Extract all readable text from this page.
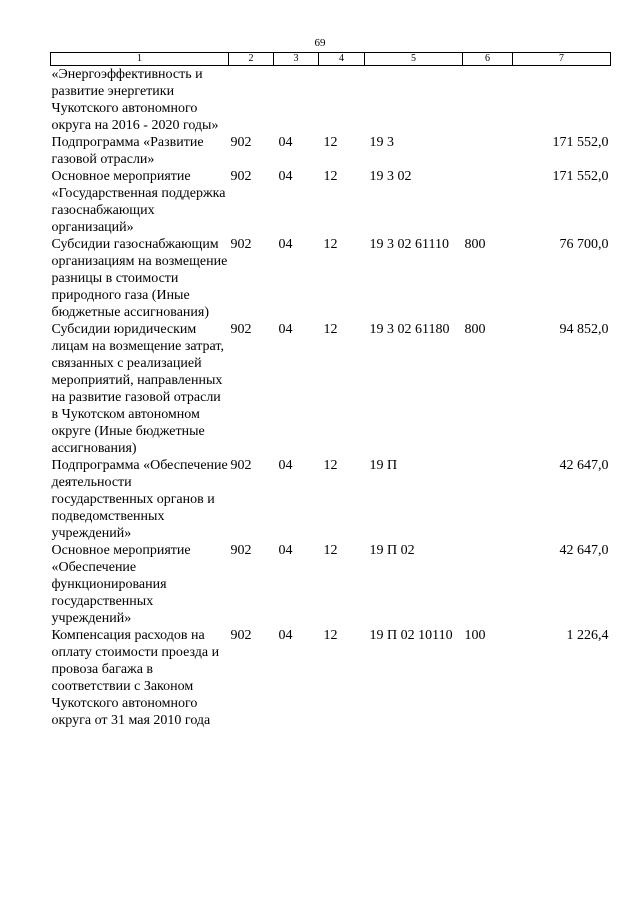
69
1	2	3	4	5	6	7
«Энергоэффективность и развитие энергетики Чукотского автономного округа на 2016 - 2020 годы»						
Подпрограмма «Развитие газовой отрасли»	902	04	12	19 3		171 552,0
Основное мероприятие «Государственная поддержка газоснабжающих организаций»	902	04	12	19 3 02		171 552,0
Субсидии газоснабжающим организациям на возмещение разницы в стоимости природного газа (Иные бюджетные ассигнования)	902	04	12	19 3 02 61110	800	76 700,0
Субсидии юридическим лицам на возмещение затрат, связанных с реализацией мероприятий, направленных на развитие газовой отрасли в Чукотском автономном округе (Иные бюджетные ассигнования)	902	04	12	19 3 02 61180	800	94 852,0
Подпрограмма «Обеспечение деятельности государственных органов и подведомственных учреждений»	902	04	12	19 П		42 647,0
Основное мероприятие «Обеспечение функционирования государственных учреждений»	902	04	12	19 П 02		42 647,0
Компенсация расходов на оплату стоимости проезда и провоза багажа в соответствии с Законом Чукотского автономного округа от 31 мая 2010 года	902	04	12	19 П 02 10110	100	1 226,4
